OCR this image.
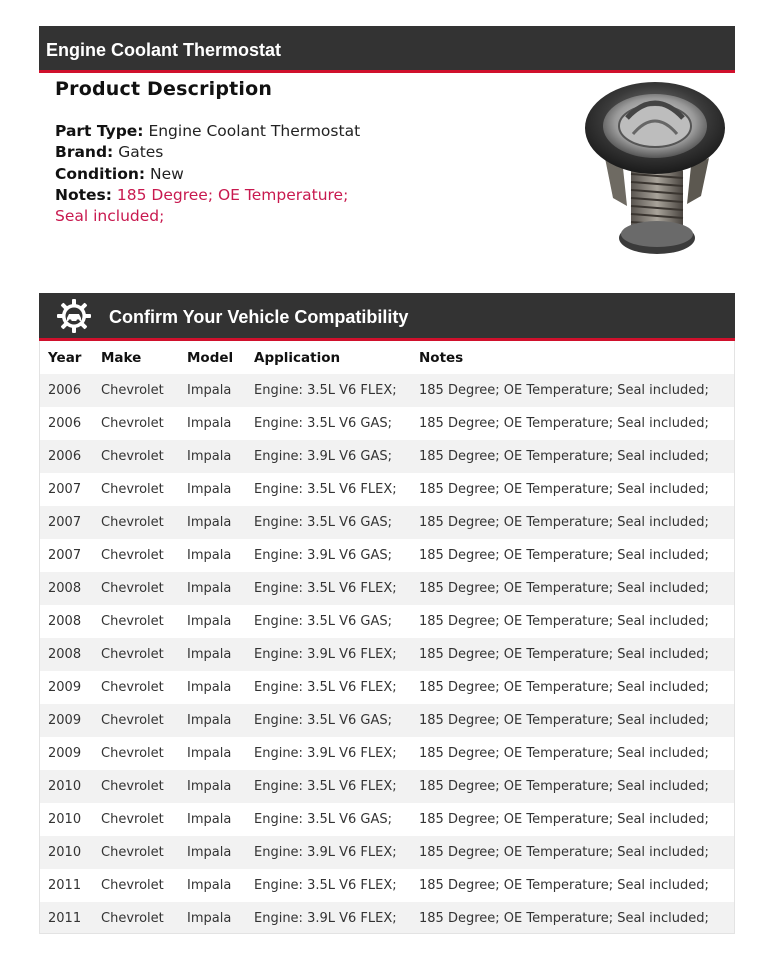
Engine Coolant Thermostat
Product Description
Part Type: Engine Coolant Thermostat
Brand: Gates
Condition: New
Notes: 185 Degree; OE Temperature; Seal included;
Confirm Your Vehicle Compatibility
Year	Make	Model	Application	Notes
2006	Chevrolet	Impala	Engine: 3.5L V6 FLEX;	185 Degree; OE Temperature; Seal included;
2006	Chevrolet	Impala	Engine: 3.5L V6 GAS;	185 Degree; OE Temperature; Seal included;
2006	Chevrolet	Impala	Engine: 3.9L V6 GAS;	185 Degree; OE Temperature; Seal included;
2007	Chevrolet	Impala	Engine: 3.5L V6 FLEX;	185 Degree; OE Temperature; Seal included;
2007	Chevrolet	Impala	Engine: 3.5L V6 GAS;	185 Degree; OE Temperature; Seal included;
2007	Chevrolet	Impala	Engine: 3.9L V6 GAS;	185 Degree; OE Temperature; Seal included;
2008	Chevrolet	Impala	Engine: 3.5L V6 FLEX;	185 Degree; OE Temperature; Seal included;
2008	Chevrolet	Impala	Engine: 3.5L V6 GAS;	185 Degree; OE Temperature; Seal included;
2008	Chevrolet	Impala	Engine: 3.9L V6 FLEX;	185 Degree; OE Temperature; Seal included;
2009	Chevrolet	Impala	Engine: 3.5L V6 FLEX;	185 Degree; OE Temperature; Seal included;
2009	Chevrolet	Impala	Engine: 3.5L V6 GAS;	185 Degree; OE Temperature; Seal included;
2009	Chevrolet	Impala	Engine: 3.9L V6 FLEX;	185 Degree; OE Temperature; Seal included;
2010	Chevrolet	Impala	Engine: 3.5L V6 FLEX;	185 Degree; OE Temperature; Seal included;
2010	Chevrolet	Impala	Engine: 3.5L V6 GAS;	185 Degree; OE Temperature; Seal included;
2010	Chevrolet	Impala	Engine: 3.9L V6 FLEX;	185 Degree; OE Temperature; Seal included;
2011	Chevrolet	Impala	Engine: 3.5L V6 FLEX;	185 Degree; OE Temperature; Seal included;
2011	Chevrolet	Impala	Engine: 3.9L V6 FLEX;	185 Degree; OE Temperature; Seal included;
